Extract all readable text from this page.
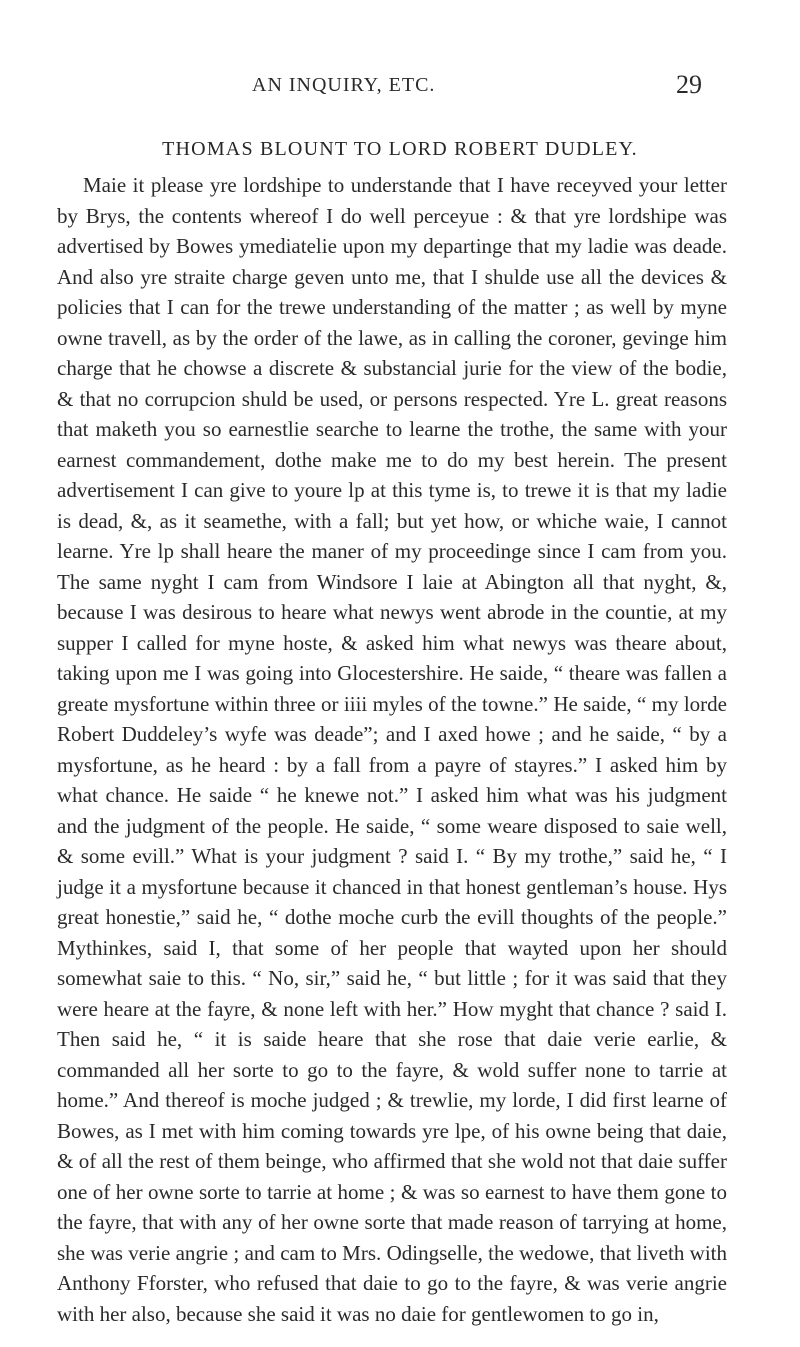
AN INQUIRY, ETC.	29
THOMAS BLOUNT TO LORD ROBERT DUDLEY.

Maie it please yre lordshipe to understande that I have receyved your letter by Brys, the contents whereof I do well perceyue : & that yre lordshipe was advertised by Bowes ymediatelie upon my departinge that my ladie was deade. And also yre straite charge geven unto me, that I shulde use all the devices & policies that I can for the trewe understanding of the matter ; as well by myne owne travell, as by the order of the lawe, as in calling the coroner, gevinge him charge that he chowse a discrete & substancial jurie for the view of the bodie, & that no corrupcion shuld be used, or persons respected. Yre L. great reasons that maketh you so earnestlie searche to learne the trothe, the same with your earnest commandement, dothe make me to do my best herein. The present advertisement I can give to youre lp at this tyme is, to trewe it is that my ladie is dead, &, as it seamethe, with a fall; but yet how, or whiche waie, I cannot learne. Yre lp shall heare the maner of my proceedinge since I cam from you. The same nyght I cam from Windsore I laie at Abington all that nyght, &, because I was desirous to heare what newys went abrode in the countie, at my supper I called for myne hoste, & asked him what newys was theare about, taking upon me I was going into Glocestershire. He saide, “ theare was fallen a greate mysfortune within three or iiii myles of the towne.” He saide, “ my lorde Robert Duddeley’s wyfe was deade”; and I axed howe ; and he saide, “ by a mysfortune, as he heard : by a fall from a payre of stayres.” I asked him by what chance. He saide “ he knewe not.” I asked him what was his judgment and the judgment of the people. He saide, “ some weare disposed to saie well, & some evill.” What is your judgment ? said I. “ By my trothe,” said he, “ I judge it a mysfortune because it chanced in that honest gentleman’s house. Hys great honestie,” said he, “ dothe moche curb the evill thoughts of the people.” Mythinkes, said I, that some of her people that wayted upon her should somewhat saie to this. “ No, sir,” said he, “ but little ; for it was said that they were heare at the fayre, & none left with her.” How myght that chance ? said I. Then said he, “ it is saide heare that she rose that daie verie earlie, & commanded all her sorte to go to the fayre, & wold suffer none to tarrie at home.” And thereof is moche judged ; & trewlie, my lorde, I did first learne of Bowes, as I met with him coming towards yre lpe, of his owne being that daie, & of all the rest of them beinge, who affirmed that she wold not that daie suffer one of her owne sorte to tarrie at home ; & was so earnest to have them gone to the fayre, that with any of her owne sorte that made reason of tarrying at home, she was verie angrie ; and cam to Mrs. Odingselle, the wedowe, that liveth with Anthony Fforster, who refused that daie to go to the fayre, & was verie angrie with her also, because she said it was no daie for gentlewomen to go in,
